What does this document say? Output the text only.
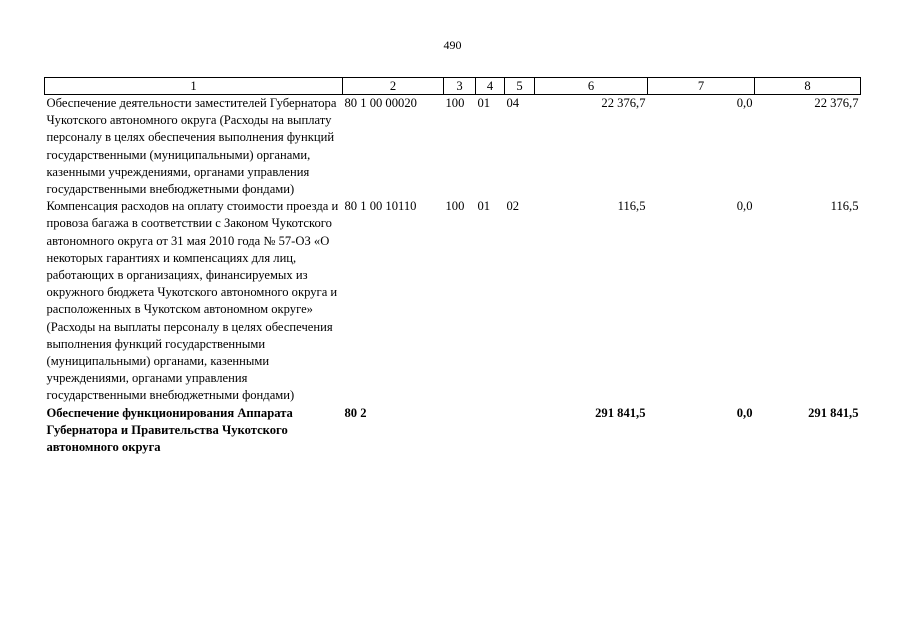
490
1	2	3	4	5	6	7	8
Обеспечение деятельности заместителей Губернатора Чукотского автономного округа (Расходы на выплату персоналу в целях обеспечения выполнения функций государственными (муниципальными) органами, казенными учреждениями, органами управления государственными внебюджетными фондами)	80 1 00 00020	100	01	04	22 376,7	0,0	22 376,7
Компенсация расходов на оплату стоимости проезда и провоза багажа в соответствии с Законом Чукотского автономного округа от 31 мая 2010 года № 57-ОЗ «О некоторых гарантиях и компенсациях для лиц, работающих в организациях, финансируемых из окружного бюджета Чукотского автономного округа и расположенных в Чукотском автономном округе» (Расходы на выплаты персоналу в целях обеспечения выполнения функций государственными (муниципальными) органами, казенными учреждениями, органами управления государственными внебюджетными фондами)	80 1 00 10110	100	01	02	116,5	0,0	116,5
Обеспечение функционирования Аппарата Губернатора и Правительства Чукотского автономного округа	80 2				291 841,5	0,0	291 841,5
